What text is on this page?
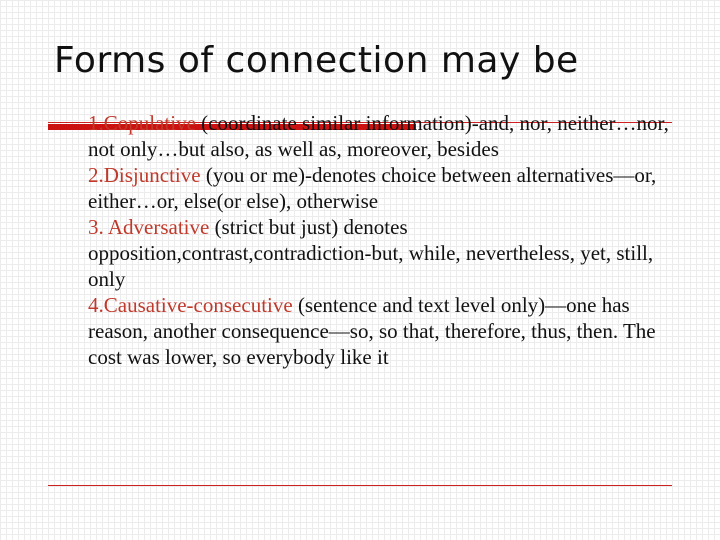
Forms of connection may be
1.Copulative (coordinate similar information)-and, nor, neither…nor, not only…but also, as well as, moreover, besides
2.Disjunctive (you or me)-denotes choice between alternatives—or, either…or, else(or else), otherwise
3. Adversative (strict but just) denotes opposition,contrast,contradiction-but, while, nevertheless, yet, still, only
4.Causative-consecutive (sentence and text level only)—one has reason, another consequence—so, so that, therefore, thus, then. The cost was lower, so everybody like it
